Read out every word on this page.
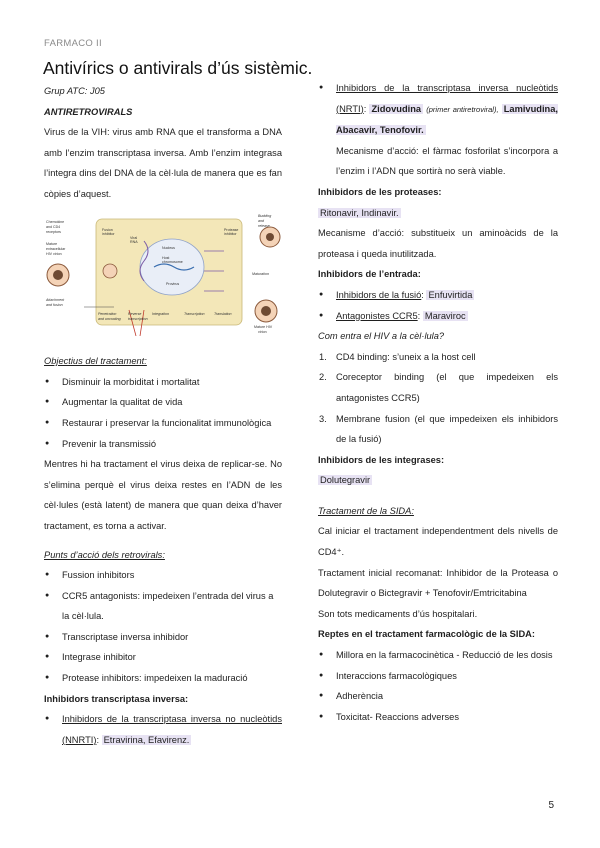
FARMACO II
Antivírics o antivirals d’ús sistèmic.
Grup ATC: J05
ANTIRETROVIRALS
Virus de la VIH: virus amb RNA que el transforma a DNA amb l’enzim transcriptasa inversa. Amb l’enzim integrasa l’integra dins del DNA de la cèl·lula de manera que es fan còpies d’aquest.
Chemokine
and CD4
receptors
Mature
extracellular
HIV virion
Attachment
and fusion
Penetration
and uncoating
Reverse
transcription
Integration	Transcription	Translation
Budding
and
release
Maturation
Mature HIV
virion
Nucleus
Host
chromosome
Provirus
Viral
RNA
Protease
inhibitor
Fusion
inhibitor
Objectius del tractament:
● Disminuir la morbiditat i mortalitat
● Augmentar la qualitat de vida
● Restaurar i preservar la funcionalitat immunològica
● Prevenir la transmissió
Mentres hi ha tractament el virus deixa de replicar-se. No s’elimina perquè el virus deixa restes en l’ADN de les cèl·lules (està latent) de manera que quan deixa d’haver tractament, es torna a activar.
Punts d’acció dels retrovirals:
● Fussion inhibitors
● CCR5 antagonists: impedeixen l’entrada del virus a la cèl·lula.
● Transcriptase inversa inhibidor
● Integrase inhibitor
● Protease inhibitors: impedeixen la maduració
Inhibidors transcriptasa inversa:
● Inhibidors de la transcriptasa inversa no nucleòtids (NNRTI): Etravirina, Efavirenz.
● Inhibidors de la transcriptasa inversa nucleòtids (NRTI): Zidovudina (primer antiretroviral), Lamivudina, Abacavir, Tenofovir.
Mecanisme d’acció: el fàrmac fosforilat s’incorpora a l’enzim i l’ADN que sortirà no serà viable.
Inhibidors de les proteases:
Ritonavir, Indinavir.
Mecanisme d’acció: substitueix un aminoàcids de la proteasa i queda inutilitzada.
Inhibidors de l’entrada:
● Inhibidors de la fusió: Enfuvirtida
● Antagonistes CCR5: Maraviroc
Com entra el HIV a la cèl·lula?
1. CD4 binding: s’uneix a la host cell
2. Coreceptor binding (el que impedeixen els antagonistes CCR5)
3. Membrane fusion (el que impedeixen els inhibidors de la fusió)
Inhibidors de les integrases:
Dolutegravir
Tractament de la SIDA:
Cal iniciar el tractament independentment dels nivells de CD4⁺.
Tractament inicial recomanat: Inhibidor de la Proteasa o Dolutegravir o Bictegravir + Tenofovir/Emtricitabina
Son tots medicaments d’ús hospitalari.
Reptes en el tractament farmacològic de la SIDA:
● Millora en la farmacocinètica - Reducció de les dosis
● Interaccions farmacològiques
● Adherència
● Toxicitat- Reaccions adverses
5
